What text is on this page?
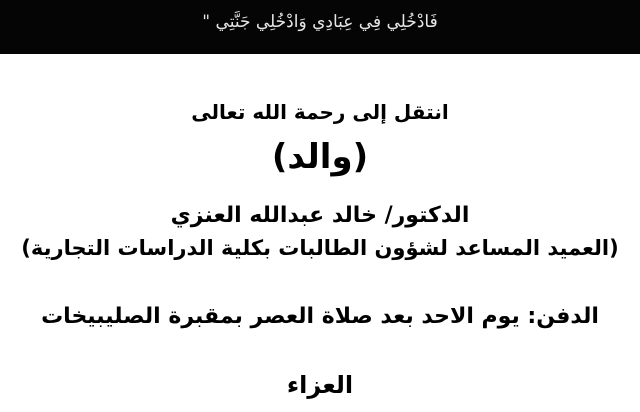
فَادْخُلِي فِي عِبَادِي وَادْخُلِي جَنَّتِي "
انتقل إلى رحمة الله تعالى
(والد)
الدكتور/ خالد عبدالله العنزي
(العميد المساعد لشؤون الطالبات بكلية الدراسات التجارية)
الدفن: يوم الاحد بعد صلاة العصر بمقبرة الصليبيخات
العزاء
